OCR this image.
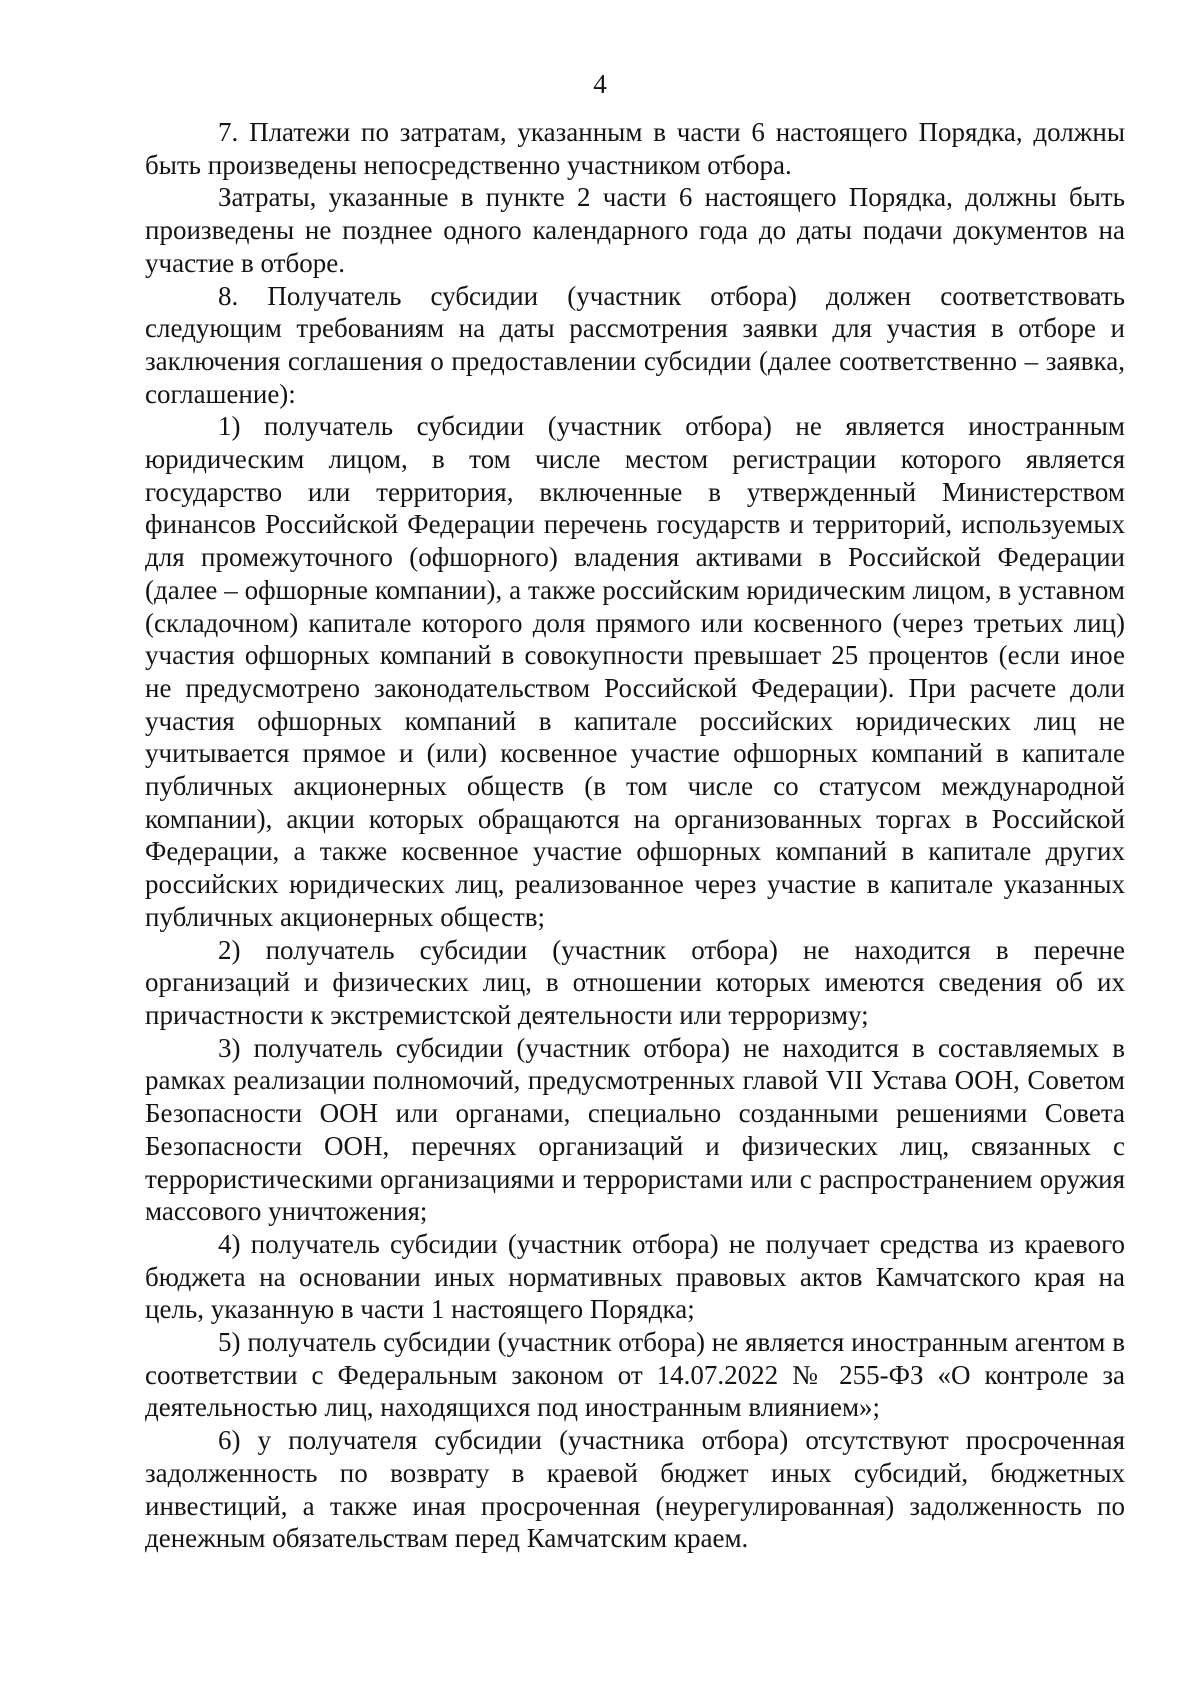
4

7. Платежи по затратам, указанным в части 6 настоящего Порядка, должны быть произведены непосредственно участником отбора.

Затраты, указанные в пункте 2 части 6 настоящего Порядка, должны быть произведены не позднее одного календарного года до даты подачи документов на участие в отборе.

8. Получатель субсидии (участник отбора) должен соответствовать следующим требованиям на даты рассмотрения заявки для участия в отборе и заключения соглашения о предоставлении субсидии (далее соответственно – заявка, соглашение):

1) получатель субсидии (участник отбора) не является иностранным юридическим лицом, в том числе местом регистрации которого является государство или территория, включенные в утвержденный Министерством финансов Российской Федерации перечень государств и территорий, используемых для промежуточного (офшорного) владения активами в Российской Федерации (далее – офшорные компании), а также российским юридическим лицом, в уставном (складочном) капитале которого доля прямого или косвенного (через третьих лиц) участия офшорных компаний в совокупности превышает 25 процентов (если иное не предусмотрено законодательством Российской Федерации). При расчете доли участия офшорных компаний в капитале российских юридических лиц не учитывается прямое и (или) косвенное участие офшорных компаний в капитале публичных акционерных обществ (в том числе со статусом международной компании), акции которых обращаются на организованных торгах в Российской Федерации, а также косвенное участие офшорных компаний в капитале других российских юридических лиц, реализованное через участие в капитале указанных публичных акционерных обществ;

2) получатель субсидии (участник отбора) не находится в перечне организаций и физических лиц, в отношении которых имеются сведения об их причастности к экстремистской деятельности или терроризму;

3) получатель субсидии (участник отбора) не находится в составляемых в рамках реализации полномочий, предусмотренных главой VII Устава ООН, Советом Безопасности ООН или органами, специально созданными решениями Совета Безопасности ООН, перечнях организаций и физических лиц, связанных с террористическими организациями и террористами или с распространением оружия массового уничтожения;

4) получатель субсидии (участник отбора) не получает средства из краевого бюджета на основании иных нормативных правовых актов Камчатского края на цель, указанную в части 1 настоящего Порядка;

5) получатель субсидии (участник отбора) не является иностранным агентом в соответствии с Федеральным законом от 14.07.2022 № 255-ФЗ «О контроле за деятельностью лиц, находящихся под иностранным влиянием»;

6) у получателя субсидии (участника отбора) отсутствуют просроченная задолженность по возврату в краевой бюджет иных субсидий, бюджетных инвестиций, а также иная просроченная (неурегулированная) задолженность по денежным обязательствам перед Камчатским краем.
